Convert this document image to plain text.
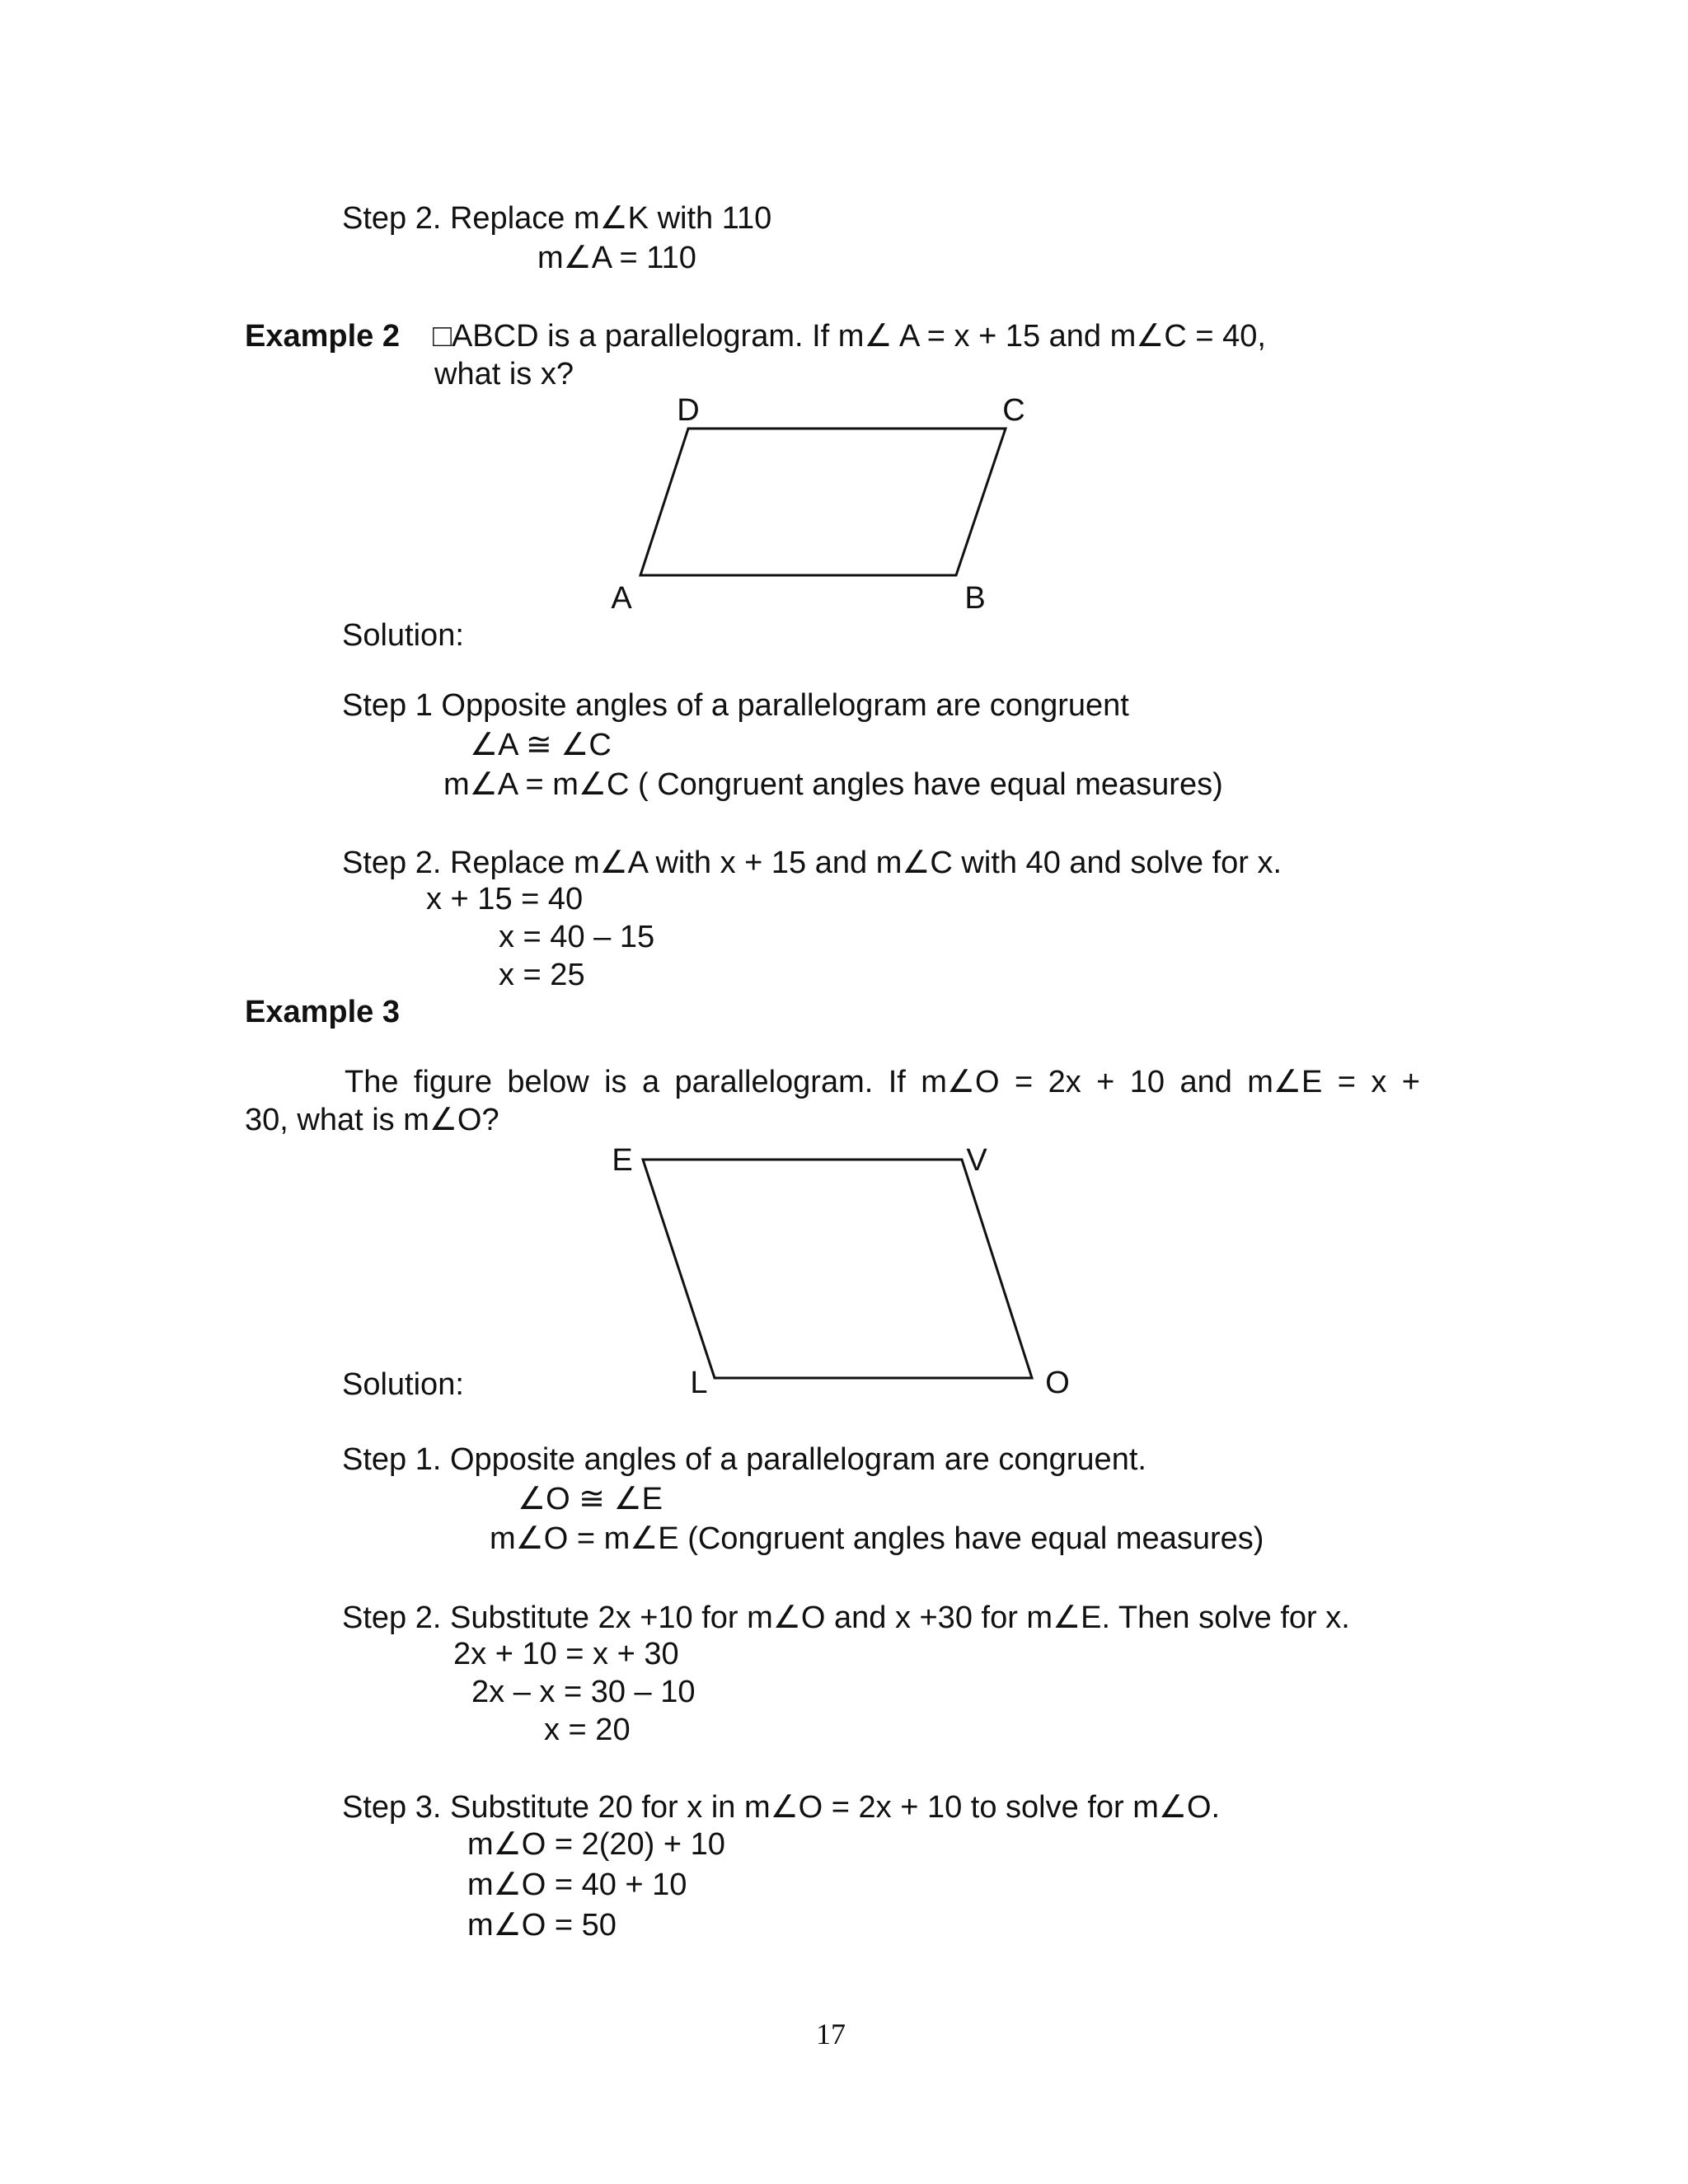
Step 2. Replace m∠K with 110
m∠A = 110
Example 2 □ABCD is a parallelogram. If m∠ A = x + 15 and m∠C = 40,
what is x?
D	C
A	B
E	V
L	O
Solution:
Step 1 Opposite angles of a parallelogram are congruent
∠A ≅ ∠C
m∠A = m∠C ( Congruent angles have equal measures)
Step 2. Replace m∠A with x + 15 and m∠C with 40 and solve for x.
x + 15 = 40
x = 40 – 15
x = 25
Example 3
The figure below is a parallelogram. If m∠O = 2x + 10 and m∠E = x +
30, what is m∠O?
Solution:
Step 1. Opposite angles of a parallelogram are congruent.
∠O ≅ ∠E
m∠O = m∠E (Congruent angles have equal measures)
Step 2. Substitute 2x +10 for m∠O and x +30 for m∠E. Then solve for x.
2x + 10 = x + 30
2x – x = 30 – 10
x = 20
Step 3. Substitute 20 for x in m∠O = 2x + 10 to solve for m∠O.
m∠O = 2(20) + 10
m∠O = 40 + 10
m∠O = 50
17
